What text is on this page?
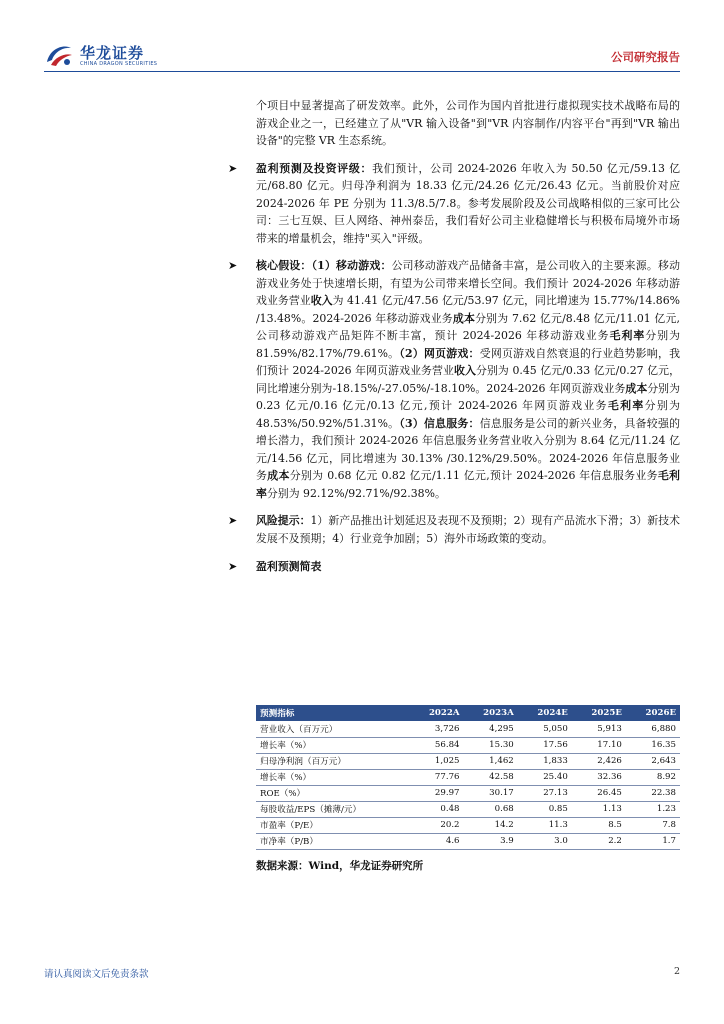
华龙证券
CHINA DRAGON SECURITIES	公司研究报告
个项目中显著提高了研发效率。此外，公司作为国内首批进行虚拟现实技术战略布局的游戏企业之一，已经建立了从"VR 输入设备"到"VR 内容制作/内容平台"再到"VR 输出设备"的完整 VR 生态系统。
➤ 盈利预测及投资评级：我们预计，公司 2024-2026 年收入为 50.50 亿元/59.13 亿元/68.80 亿元。归母净利润为 18.33 亿元/24.26 亿元/26.43 亿元。当前股价对应 2024-2026 年 PE 分别为 11.3/8.5/7.8。参考发展阶段及公司战略相似的三家可比公司：三七互娱、巨人网络、神州泰岳，我们看好公司主业稳健增长与积极布局境外市场带来的增量机会，维持"买入"评级。
➤ 核心假设：（1）移动游戏：公司移动游戏产品储备丰富，是公司收入的主要来源。移动游戏业务处于快速增长期，有望为公司带来增长空间。我们预计 2024-2026 年移动游戏业务营业收入为 41.41 亿元/47.56 亿元/53.97 亿元，同比增速为 15.77%/14.86% /13.48%。2024-2026 年移动游戏业务成本分别为 7.62 亿元/8.48 亿元/11.01 亿元,公司移动游戏产品矩阵不断丰富，预计 2024-2026 年移动游戏业务毛利率分别为 81.59%/82.17%/79.61%。（2）网页游戏：受网页游戏自然衰退的行业趋势影响，我们预计 2024-2026 年网页游戏业务营业收入分别为 0.45 亿元/0.33 亿元/0.27 亿元，同比增速分别为-18.15%/-27.05%/-18.10%。2024-2026 年网页游戏业务成本分别为 0.23 亿元/0.16 亿元/0.13 亿元,预计 2024-2026 年网页游戏业务毛利率分别为 48.53%/50.92%/51.31%。（3）信息服务：信息服务是公司的新兴业务，具备较强的增长潜力，我们预计 2024-2026 年信息服务业务营业收入分别为 8.64 亿元/11.24 亿元/14.56 亿元，同比增速为 30.13% /30.12%/29.50%。2024-2026 年信息服务业务成本分别为 0.68 亿元 0.82 亿元/1.11 亿元,预计 2024-2026 年信息服务业务毛利率分别为 92.12%/92.71%/92.38%。
➤ 风险提示：1）新产品推出计划延迟及表现不及预期；2）现有产品流水下滑；3）新技术发展不及预期；4）行业竞争加剧；5）海外市场政策的变动。
➤ 盈利预测简表
预测指标	2022A	2023A	2024E	2025E	2026E
营业收入（百万元）	3,726	4,295	5,050	5,913	6,880
增长率（%）	56.84	15.30	17.56	17.10	16.35
归母净利润（百万元）	1,025	1,462	1,833	2,426	2,643
增长率（%）	77.76	42.58	25.40	32.36	8.92
ROE（%）	29.97	30.17	27.13	26.45	22.38
每股收益/EPS（摊薄/元）	0.48	0.68	0.85	1.13	1.23
市盈率（P/E）	20.2	14.2	11.3	8.5	7.8
市净率（P/B）	4.6	3.9	3.0	2.2	1.7
数据来源：Wind，华龙证券研究所
请认真阅读文后免责条款	2
